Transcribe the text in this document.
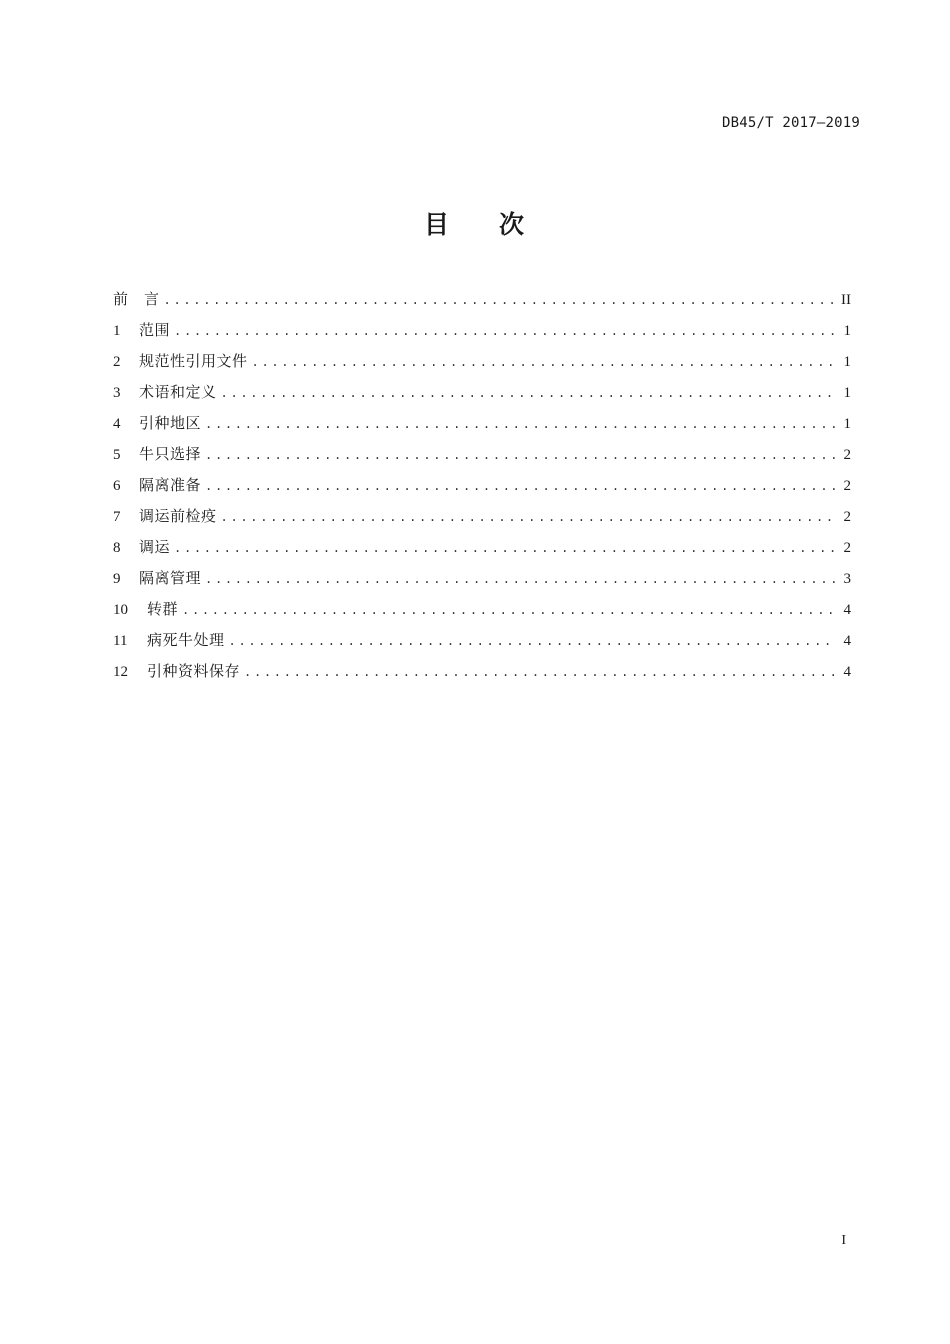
DB45/T 2017—2019
目 次
前　言 .....	II
1	范围 .....	1
2	规范性引用文件 .....	1
3	术语和定义 .....	1
4	引种地区 .....	1
5	牛只选择 .....	2
6	隔离准备 .....	2
7	调运前检疫 .....	2
8	调运 .....	2
9	隔离管理 .....	3
10	转群 .....	4
11	病死牛处理 .....	4
12	引种资料保存 .....	4
I
